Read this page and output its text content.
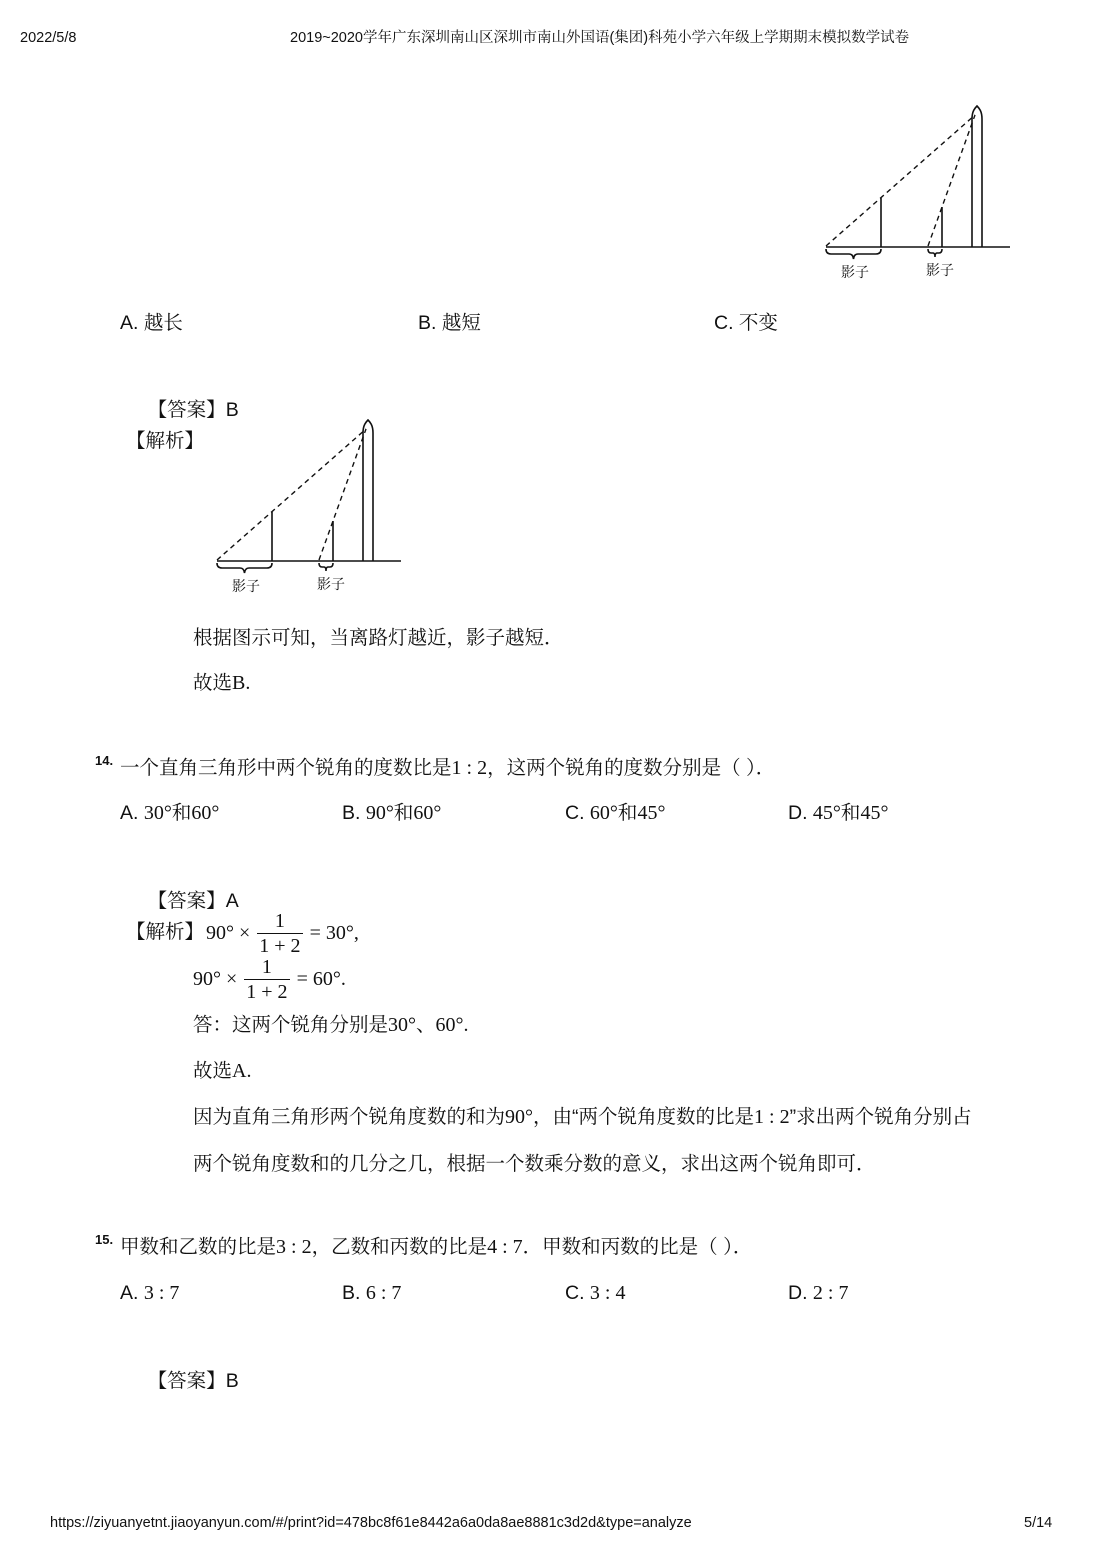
2022/5/8	2019~2020学年广东深圳南山区深圳市南山外国语(集团)科苑小学六年级上学期期末模拟数学试卷
影子	影子
A. 越长	B. 越短	C. 不变

【答案】B

【解析】
影子	影子
根据图示可知，当离路灯越近，影子越短．
故选B.
14. 一个直角三角形中两个锐角的度数比是1 : 2，这两个锐角的度数分别是（ ）．
A. 30°和60°	B. 90°和60°	C. 60°和45°	D. 45°和45°

【答案】A

【解析】 $90^\circ \times \frac{1}{1 + 2} = 30^\circ$,
$90^\circ \times \frac{1}{1 + 2} = 60^\circ$.
答：这两个锐角分别是30°、60°.
故选A.
因为直角三角形两个锐角度数的和为90°，由“两个锐角度数的比是1 : 2”求出两个锐角分别占
两个锐角度数和的几分之几，根据一个数乘分数的意义，求出这两个锐角即可．
15. 甲数和乙数的比是3 : 2，乙数和丙数的比是4 : 7．甲数和丙数的比是（ ）．
A. 3 : 7	B. 6 : 7	C. 3 : 4	D. 2 : 7

【答案】B

https://ziyuanyetnt.jiaoyanyun.com/#/print?id=478bc8f61e8442a6a0da8ae8881c3d2d&type=analyze	5/14
